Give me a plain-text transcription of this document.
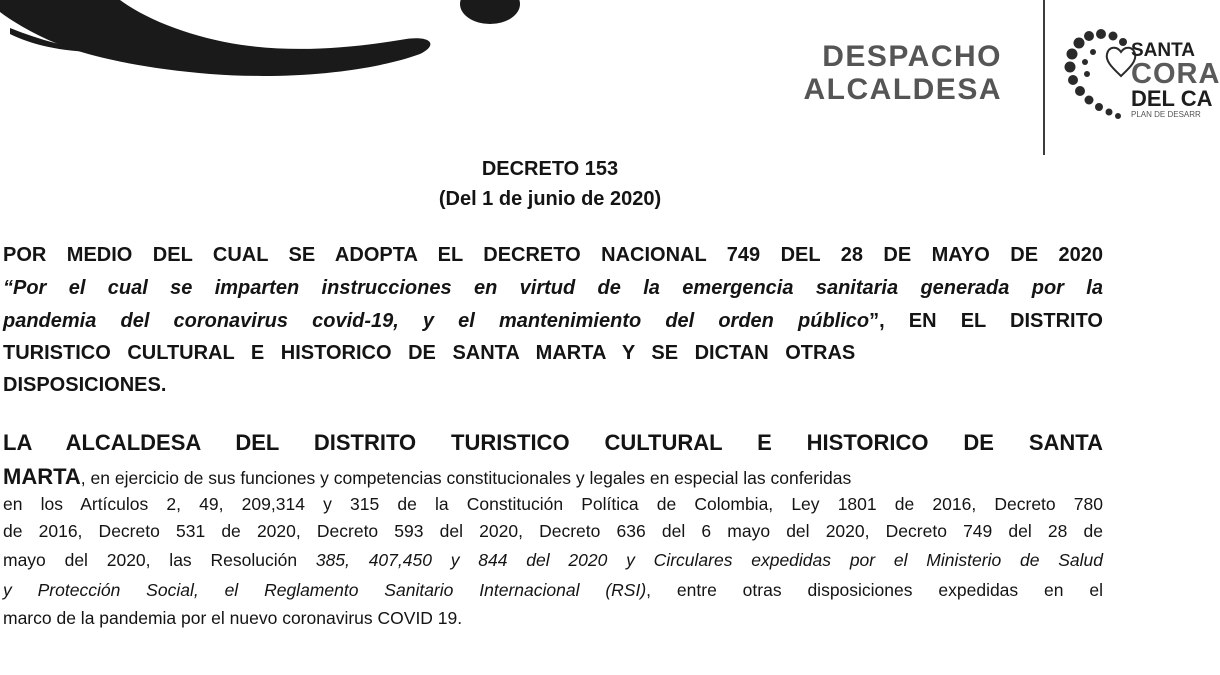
DESPACHO
ALCALDESA
SANTA
CORA
DEL CA
PLAN DE DESARR
DECRETO 153
(Del 1 de junio de 2020)
POR MEDIO DEL CUAL SE ADOPTA EL DECRETO NACIONAL 749 DEL 28 DE MAYO DE 2020
“Por el cual se imparten instrucciones en virtud de la emergencia sanitaria generada por la
pandemia del coronavirus covid-19, y el mantenimiento del orden público”, EN EL DISTRITO
TURISTICO CULTURAL E HISTORICO DE SANTA MARTA Y SE DICTAN OTRAS
DISPOSICIONES.
LA ALCALDESA DEL DISTRITO TURISTICO CULTURAL E HISTORICO DE SANTA
MARTA, en ejercicio de sus funciones y competencias constitucionales y legales en especial las conferidas
en los Artículos 2, 49, 209,314 y 315 de la Constitución Política de Colombia, Ley 1801 de 2016, Decreto 780
de 2016, Decreto 531 de 2020, Decreto 593 del 2020, Decreto 636 del 6 mayo del 2020, Decreto 749 del 28 de
mayo del 2020, las Resolución 385, 407,450 y 844 del 2020 y Circulares expedidas por el Ministerio de Salud
y Protección Social, el Reglamento Sanitario Internacional (RSI), entre otras disposiciones expedidas en el
marco de la pandemia por el nuevo coronavirus COVID 19.
